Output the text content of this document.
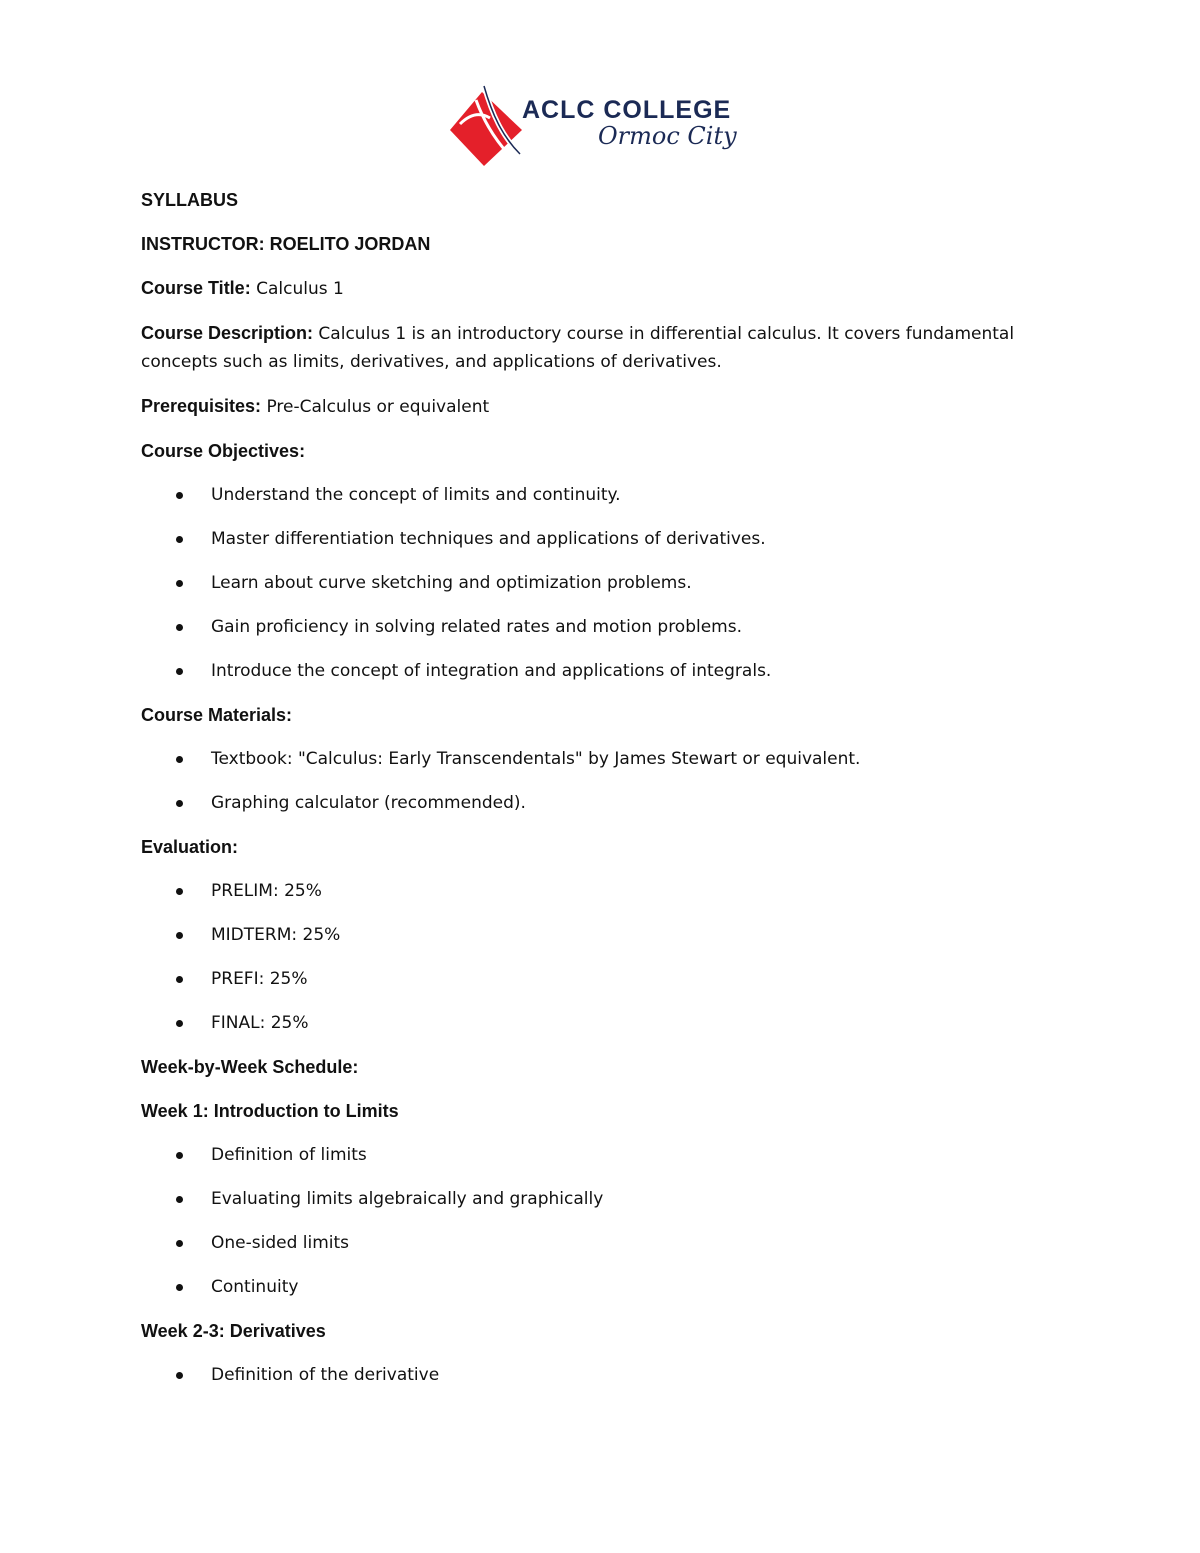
ACLC COLLEGE
Ormoc City

SYLLABUS

INSTRUCTOR: ROELITO JORDAN

Course Title: Calculus 1

Course Description: Calculus 1 is an introductory course in differential calculus. It covers fundamental concepts such as limits, derivatives, and applications of derivatives.

Prerequisites: Pre-Calculus or equivalent

Course Objectives:

Understand the concept of limits and continuity.
Master differentiation techniques and applications of derivatives.
Learn about curve sketching and optimization problems.
Gain proficiency in solving related rates and motion problems.
Introduce the concept of integration and applications of integrals.

Course Materials:

Textbook: "Calculus: Early Transcendentals" by James Stewart or equivalent.
Graphing calculator (recommended).

Evaluation:

PRELIM: 25%
MIDTERM: 25%
PREFI: 25%
FINAL: 25%

Week-by-Week Schedule:

Week 1: Introduction to Limits

Definition of limits
Evaluating limits algebraically and graphically
One-sided limits
Continuity

Week 2-3: Derivatives

Definition of the derivative
